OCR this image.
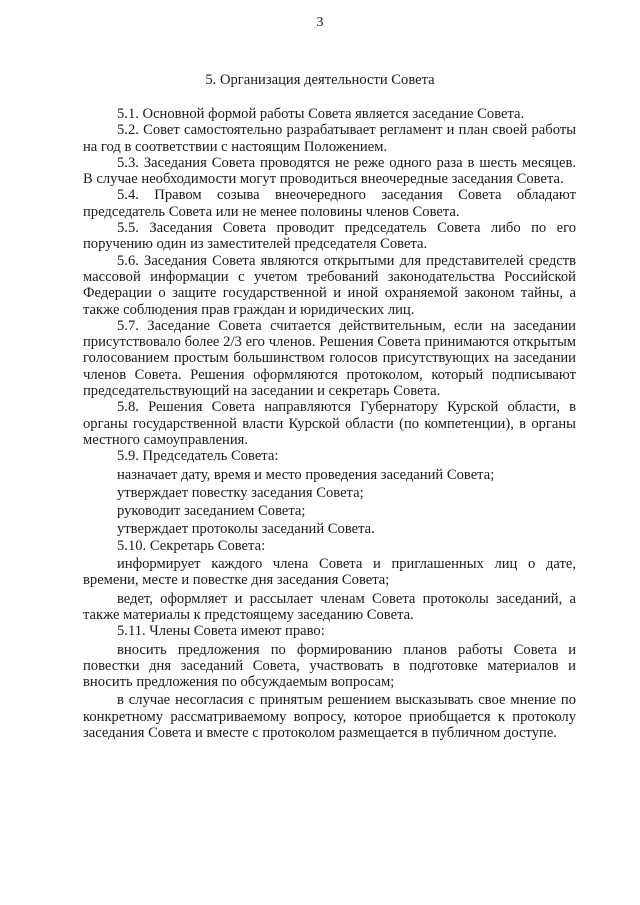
3
5. Организация деятельности Совета

5.1. Основной формой работы Совета является заседание Совета.

5.2. Совет самостоятельно разрабатывает регламент и план своей работы на год в соответствии с настоящим Положением.

5.3. Заседания Совета проводятся не реже одного раза в шесть месяцев. В случае необходимости могут проводиться внеочередные заседания Совета.

5.4. Правом созыва внеочередного заседания Совета обладают председатель Совета или не менее половины членов Совета.

5.5. Заседания Совета проводит председатель Совета либо по его поручению один из заместителей председателя Совета.

5.6. Заседания Совета являются открытыми для представителей средств массовой информации с учетом требований законодательства Российской Федерации о защите государственной и иной охраняемой законом тайны, а также соблюдения прав граждан и юридических лиц.

5.7. Заседание Совета считается действительным, если на заседании присутствовало более 2/3 его членов. Решения Совета принимаются открытым голосованием простым большинством голосов присутствующих на заседании членов Совета. Решения оформляются протоколом, который подписывают председательствующий на заседании и секретарь Совета.

5.8. Решения Совета направляются Губернатору Курской области, в органы государственной власти Курской области (по компетенции), в органы местного самоуправления.

5.9. Председатель Совета:

назначает дату, время и место проведения заседаний Совета;

утверждает повестку заседания Совета;

руководит заседанием Совета;

утверждает протоколы заседаний Совета.

5.10. Секретарь Совета:

информирует каждого члена Совета и приглашенных лиц о дате, времени, месте и повестке дня заседания Совета;

ведет, оформляет и рассылает членам Совета протоколы заседаний, а также материалы к предстоящему заседанию Совета.

5.11. Члены Совета имеют право:

вносить предложения по формированию планов работы Совета и повестки дня заседаний Совета, участвовать в подготовке материалов и вносить предложения по обсуждаемым вопросам;

в случае несогласия с принятым решением высказывать свое мнение по конкретному рассматриваемому вопросу, которое приобщается к протоколу заседания Совета и вместе с протоколом размещается в публичном доступе.
